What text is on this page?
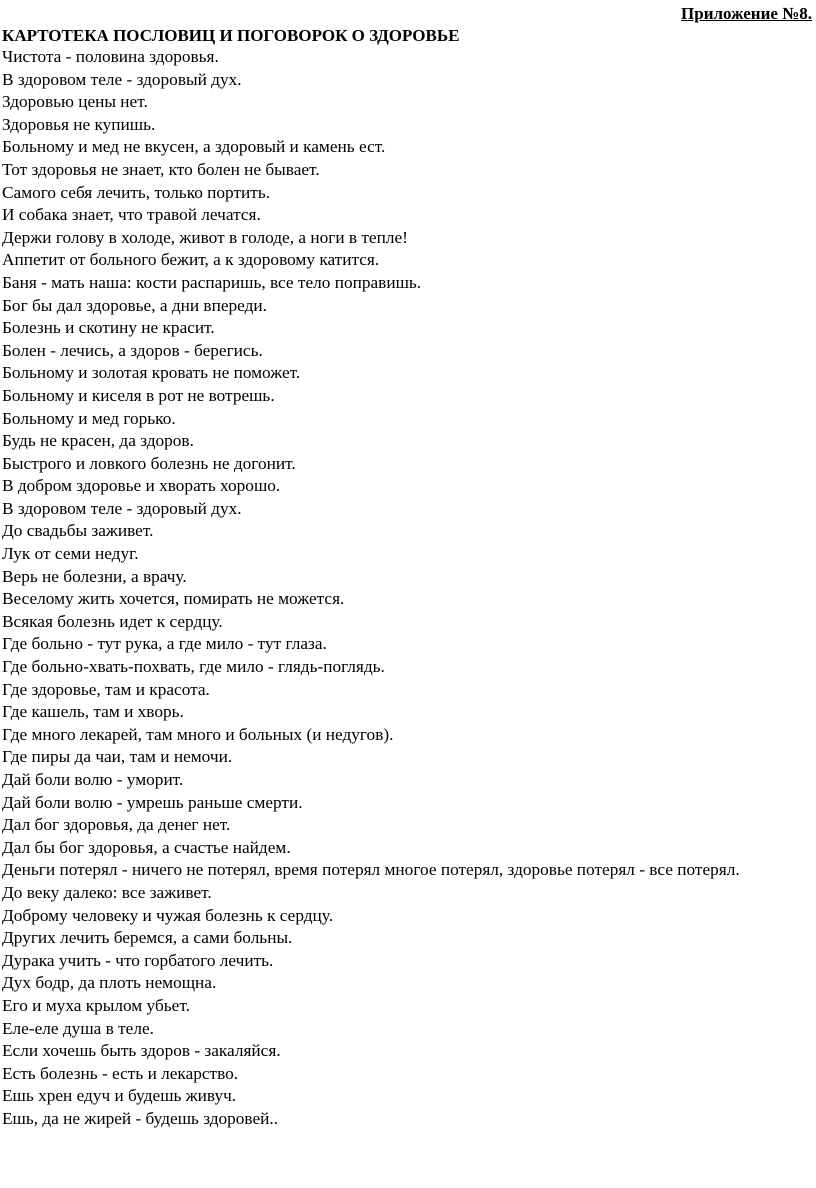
Приложение №8.
КАРТОТЕКА ПОСЛОВИЦ И ПОГОВОРОК О ЗДОРОВЬЕ
Чистота - половина здоровья.
В здоровом теле - здоровый дух.
Здоровью цены нет.
Здоровья не купишь.
Больному и мед не вкусен, а здоровый и камень ест.
Тот здоровья не знает, кто болен не бывает.
Самого себя лечить, только портить.
И собака знает, что травой лечатся.
Держи голову в холоде, живот в голоде, а ноги в тепле!
Аппетит от больного бежит, а к здоровому катится.
Баня - мать наша: кости распаришь, все тело поправишь.
Бог бы дал здоровье, а дни впереди.
Болезнь и скотину не красит.
Болен - лечись, а здоров - берегись.
Больному и золотая кровать не поможет.
Больному и киселя в рот не вотрешь.
Больному и мед горько.
Будь не красен, да здоров.
Быстрого и ловкого болезнь не догонит.
В добром здоровье и хворать хорошо.
В здоровом теле - здоровый дух.
До свадьбы заживет.
Лук от семи недуг.
Верь не болезни, а врачу.
Веселому жить хочется, помирать не можется.
Всякая болезнь идет к сердцу.
Где больно - тут рука, а где мило - тут глаза.
Где больно-хвать-похвать, где мило - глядь-поглядь.
Где здоровье, там и красота.
Где кашель, там и хворь.
Где много лекарей, там много и больных (и недугов).
Где пиры да чаи, там и немочи.
Дай боли волю - уморит.
Дай боли волю - умрешь раньше смерти.
Дал бог здоровья, да денег нет.
Дал бы бог здоровья, а счастье найдем.
Деньги потерял - ничего не потерял, время потерял многое потерял, здоровье потерял - все потерял.
До веку далеко: все заживет.
Доброму человеку и чужая болезнь к сердцу.
Других лечить беремся, а сами больны.
Дурака учить - что горбатого лечить.
Дух бодр, да плоть немощна.
Его и муха крылом убьет.
Еле-еле душа в теле.
Если хочешь быть здоров - закаляйся.
Есть болезнь - есть и лекарство.
Ешь хрен едуч и будешь живуч.
Ешь, да не жирей - будешь здоровей..
